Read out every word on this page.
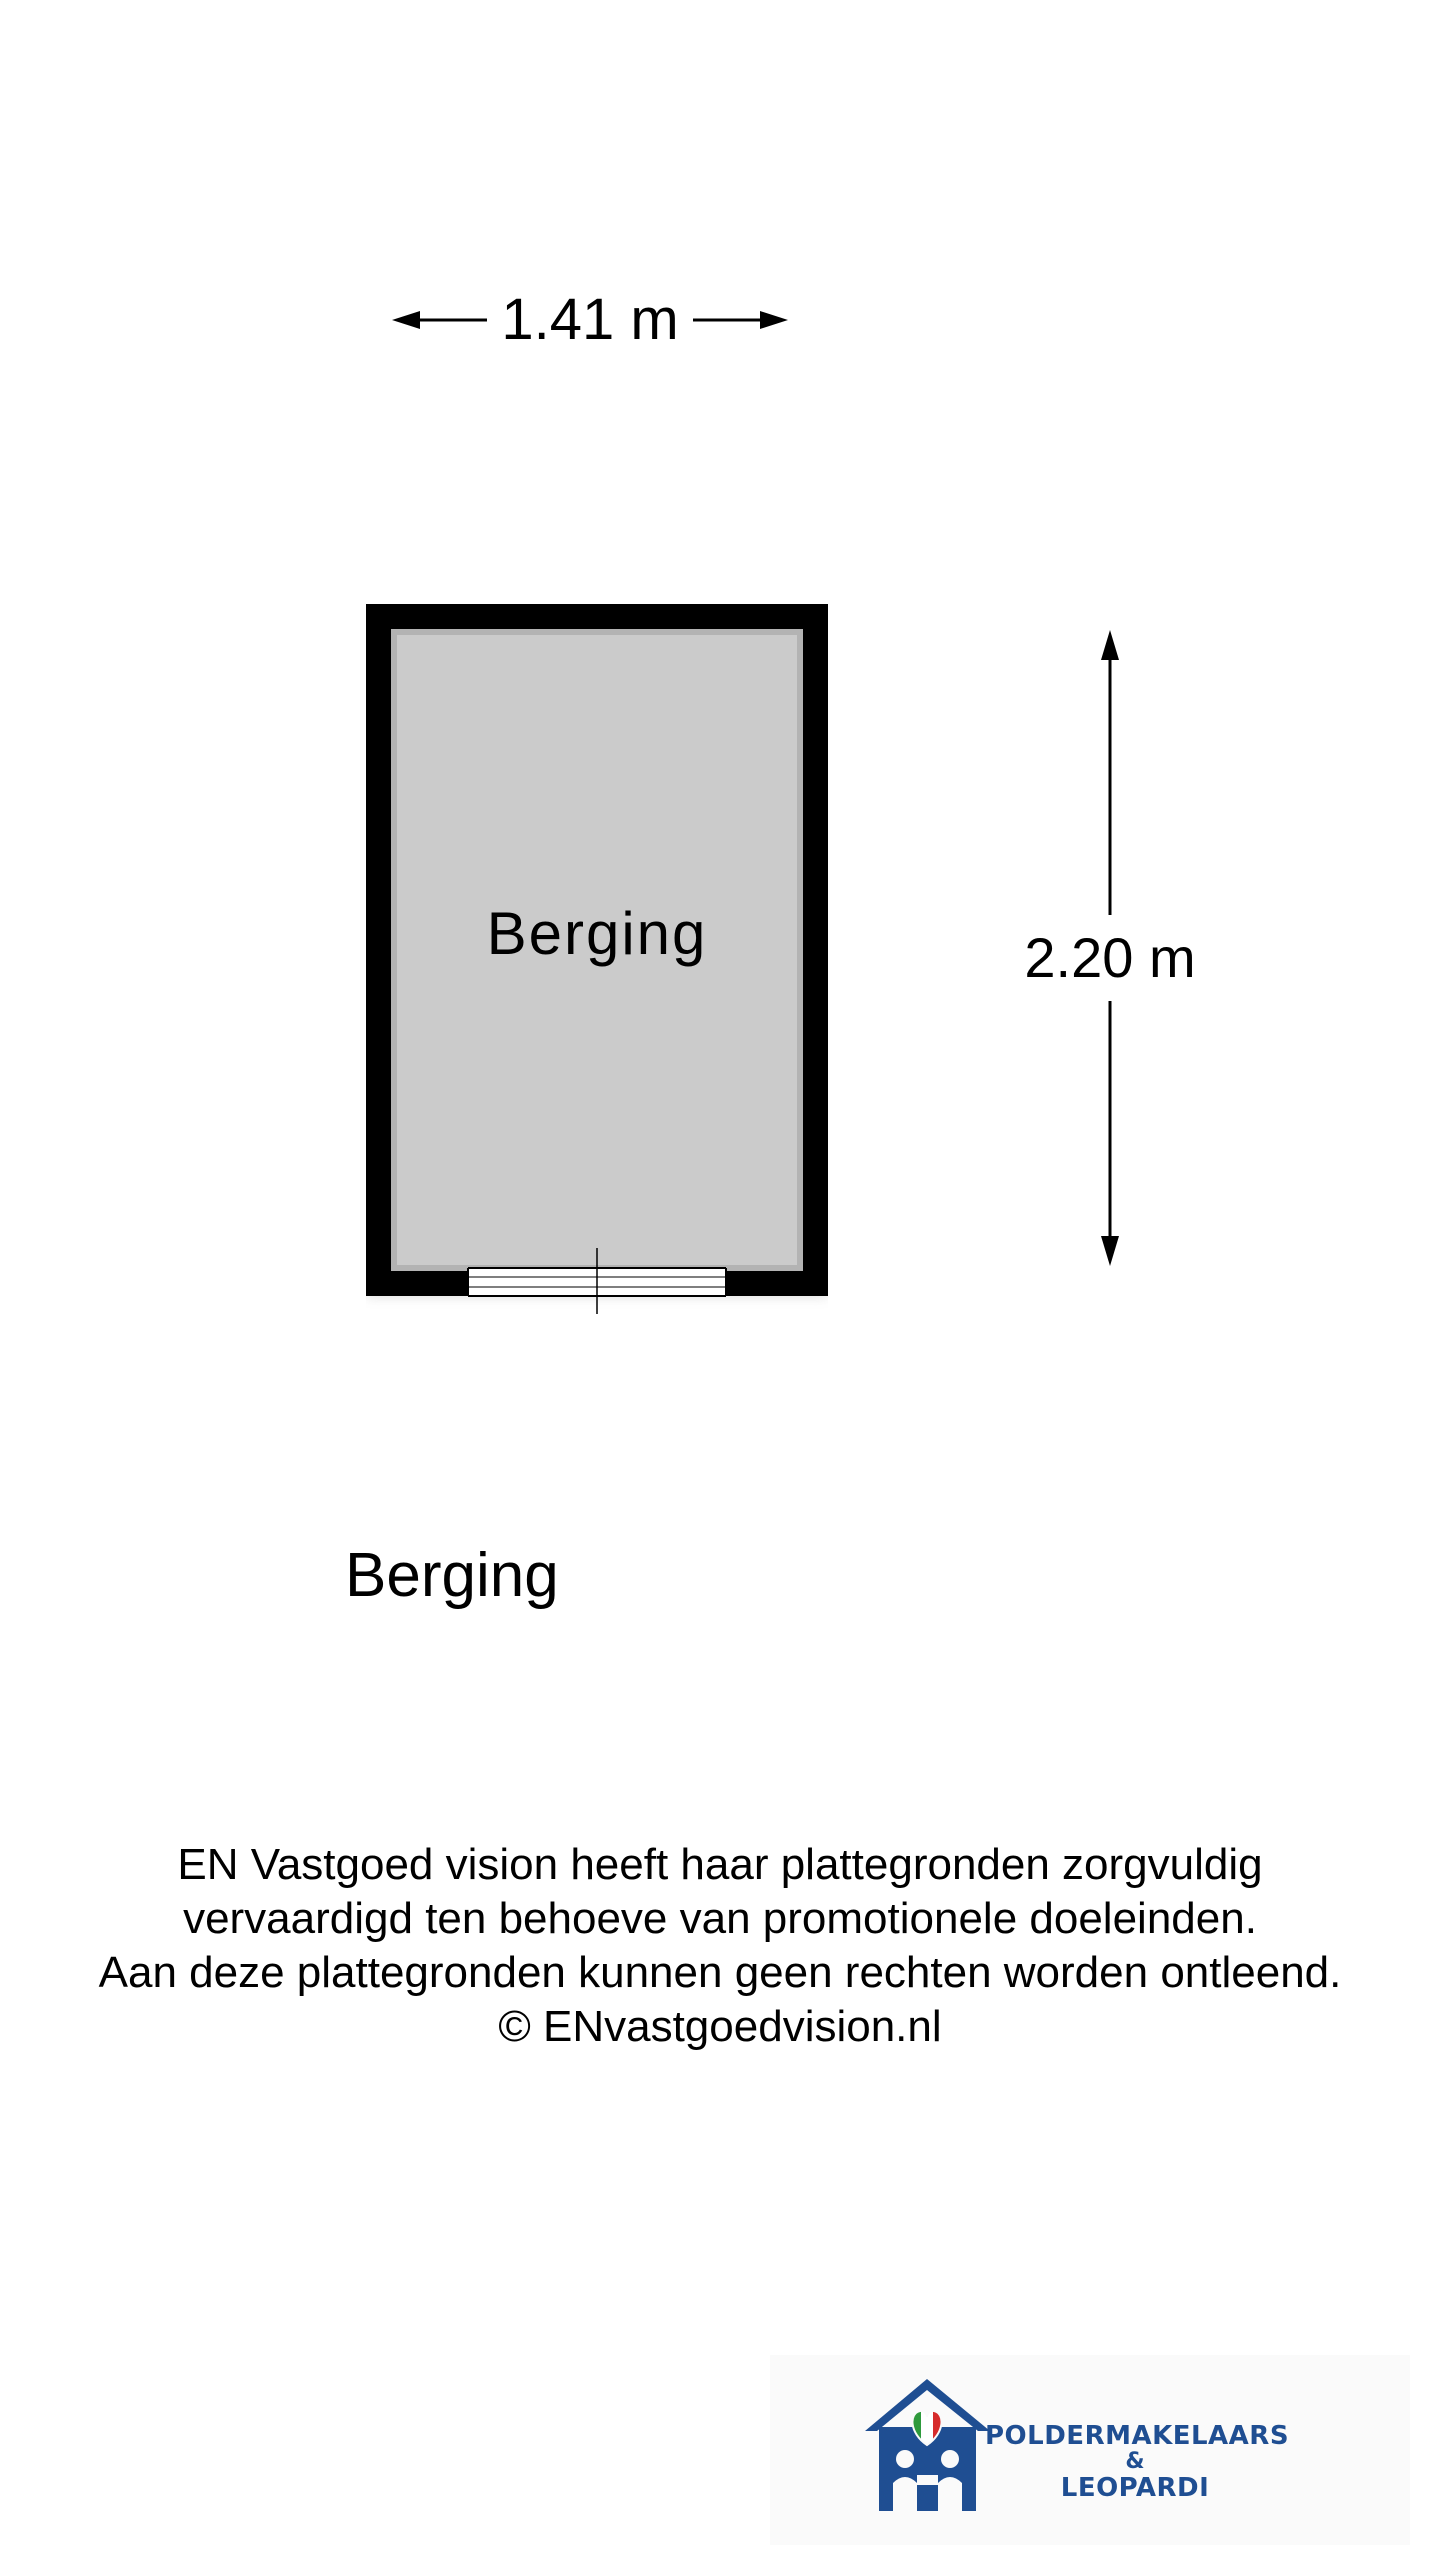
1.41 m
Berging	2.20 m
Berging
EN Vastgoed vision heeft haar plattegronden zorgvuldig
vervaardigd ten behoeve van promotionele doeleinden.
Aan deze plattegronden kunnen geen rechten worden ontleend.
© ENvastgoedvision.nl
POLDERMAKELAARS
&
LEOPARDI
